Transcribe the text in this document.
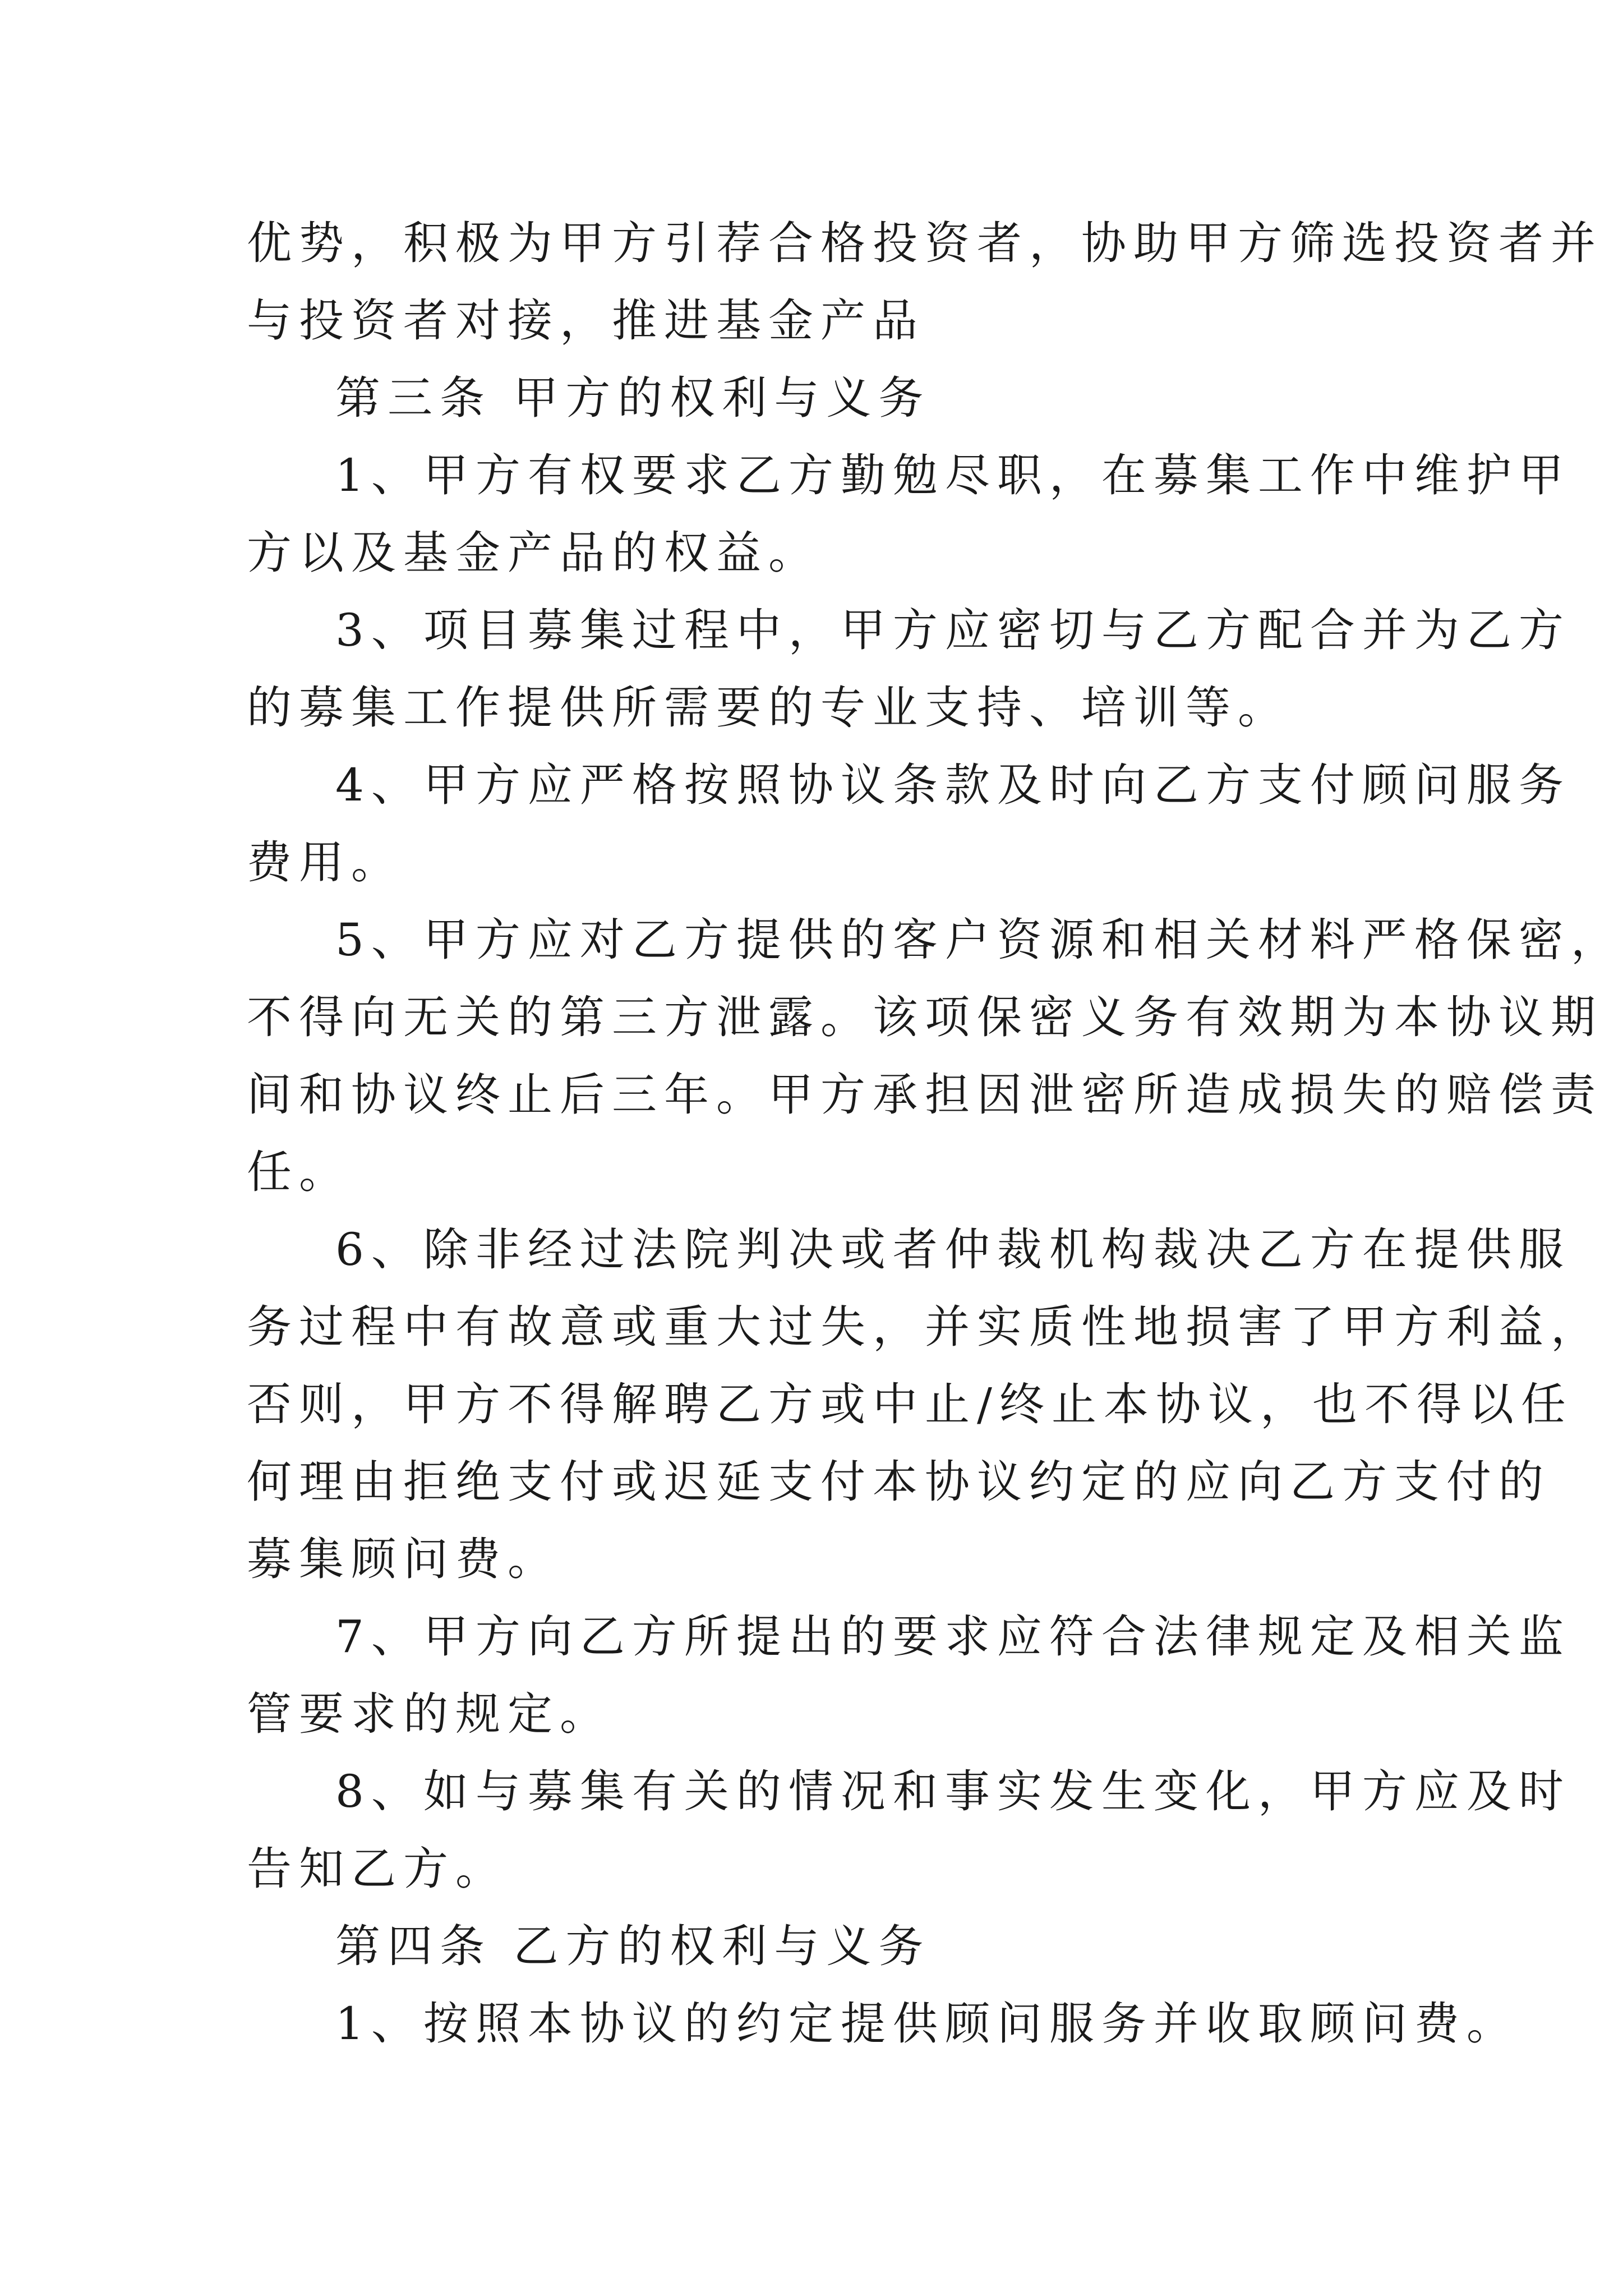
优势，积极为甲方引荐合格投资者，协助甲方筛选投资者并
与投资者对接，推进基金产品
第三条 甲方的权利与义务
1、甲方有权要求乙方勤勉尽职，在募集工作中维护甲
方以及基金产品的权益。
3、项目募集过程中，甲方应密切与乙方配合并为乙方
的募集工作提供所需要的专业支持、培训等。
4、甲方应严格按照协议条款及时向乙方支付顾问服务
费用。
5、甲方应对乙方提供的客户资源和相关材料严格保密，
不得向无关的第三方泄露。该项保密义务有效期为本协议期
间和协议终止后三年。甲方承担因泄密所造成损失的赔偿责
任。
6、除非经过法院判决或者仲裁机构裁决乙方在提供服
务过程中有故意或重大过失，并实质性地损害了甲方利益，
否则，甲方不得解聘乙方或中止/终止本协议，也不得以任
何理由拒绝支付或迟延支付本协议约定的应向乙方支付的
募集顾问费。
7、甲方向乙方所提出的要求应符合法律规定及相关监
管要求的规定。
8、如与募集有关的情况和事实发生变化，甲方应及时
告知乙方。
第四条 乙方的权利与义务
1、按照本协议的约定提供顾问服务并收取顾问费。
